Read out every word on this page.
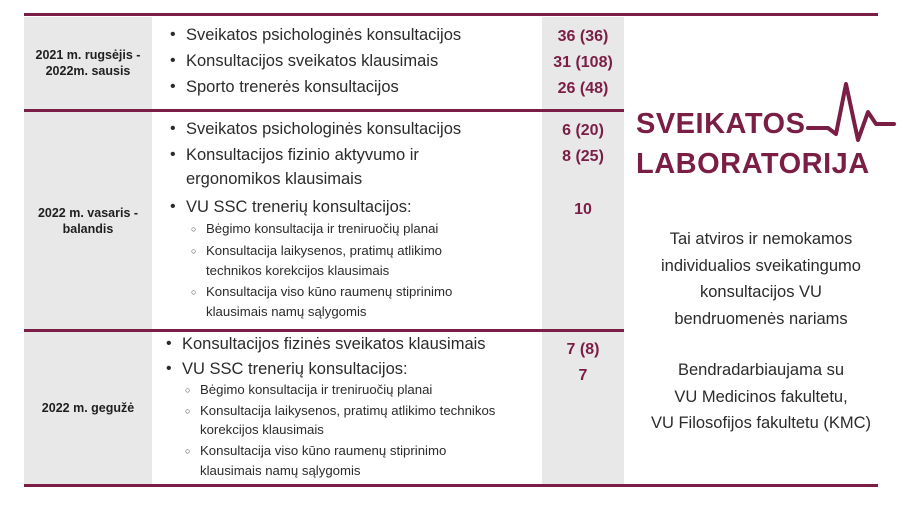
2021 m. rugsėjis -
2022m. sausis
2022 m. vasaris -
balandis
2022 m. gegužė
36 (36)
31 (108)
26 (48)
6 (20)
8 (25)
10
7 (8)
7
• Sveikatos psichologinės konsultacijos
• Konsultacijos sveikatos klausimais
• Sporto trenerės konsultacijos
• Sveikatos psichologinės konsultacijos
• Konsultacijos fizinio aktyvumo ir
ergonomikos klausimais
• VU SSC trenerių konsultacijos:
○ Bėgimo konsultacija ir treniruočių planai
○ Konsultacija laikysenos, pratimų atlikimo
technikos korekcijos klausimais
○ Konsultacija viso kūno raumenų stiprinimo
klausimais namų sąlygomis
• Konsultacijos fizinės sveikatos klausimais
• VU SSC trenerių konsultacijos:
○ Bėgimo konsultacija ir treniruočių planai
○ Konsultacija laikysenos, pratimų atlikimo technikos
korekcijos klausimais
○ Konsultacija viso kūno raumenų stiprinimo
klausimais namų sąlygomis
SVEIKATOS
LABORATORIJA
Tai atviros ir nemokamos
individualios sveikatingumo
konsultacijos VU
bendruomenės nariams
Bendradarbiaujama su
VU Medicinos fakultetu,
VU Filosofijos fakultetu (KMC)
